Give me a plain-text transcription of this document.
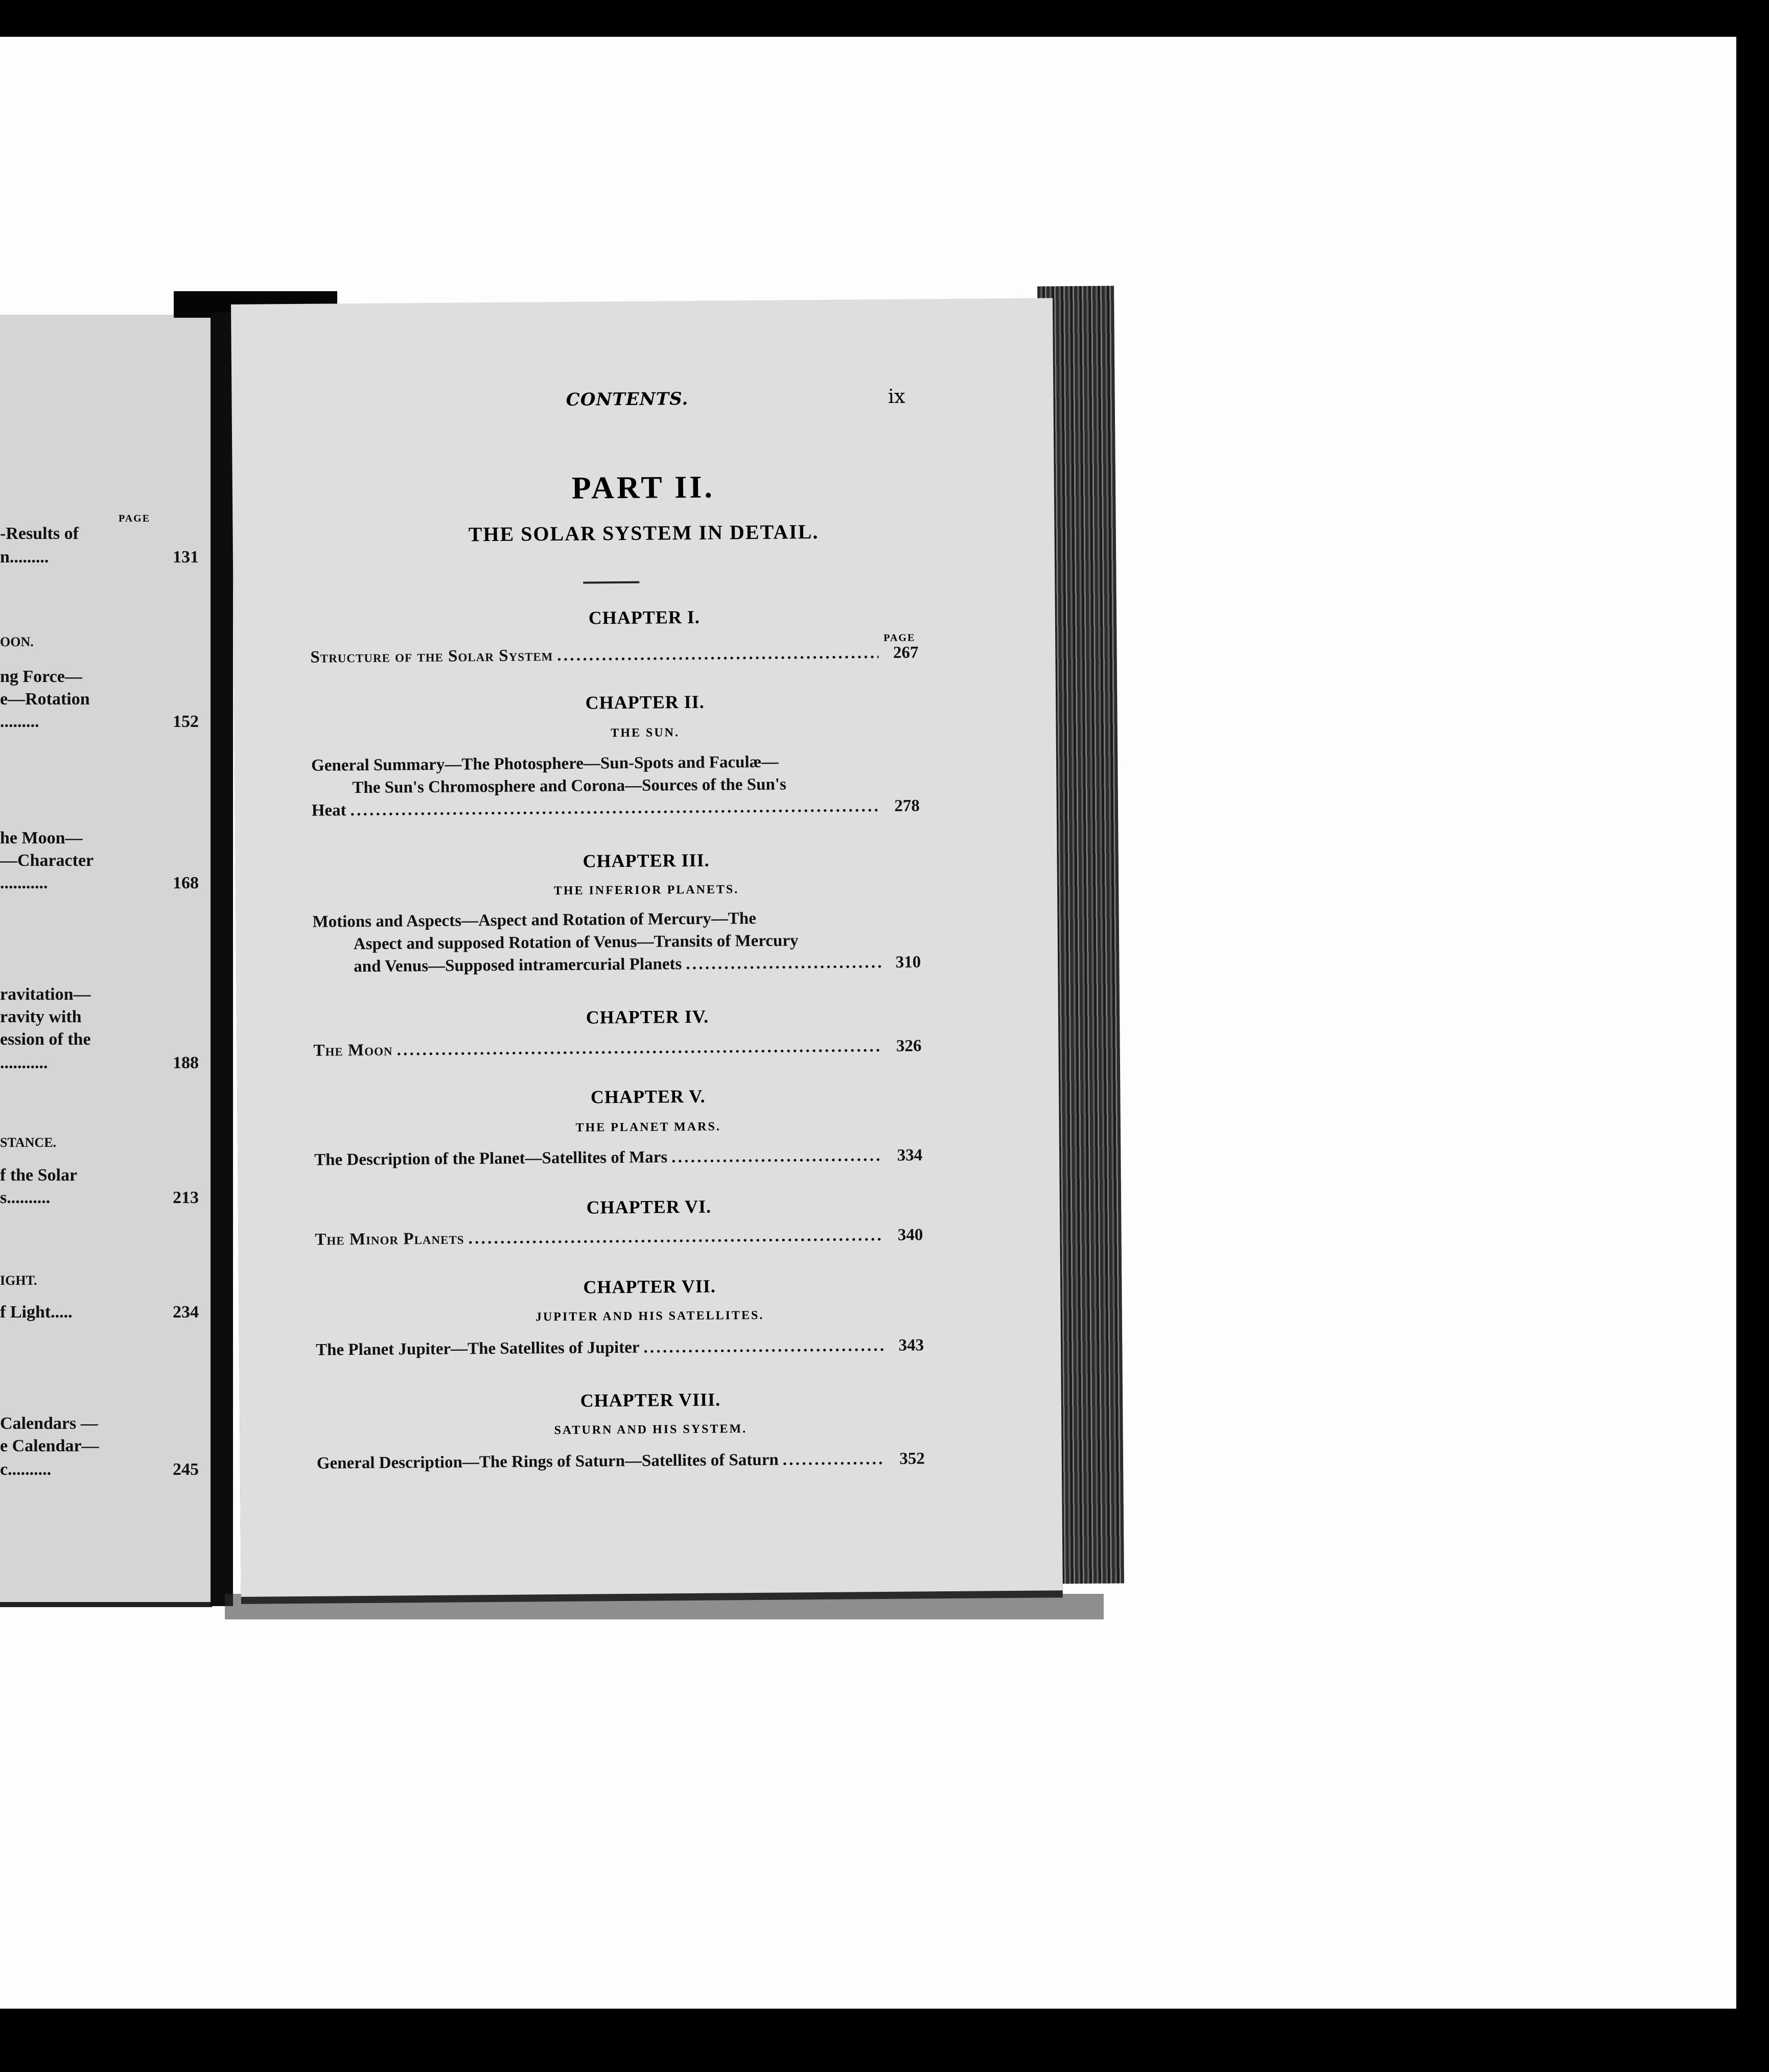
PAGE
-Results of
n.........	131
OON.
ng Force—
e—Rotation
.........	152
he Moon—
—Character
...........	168
ravitation—
ravity with
ession of the
...........	188
STANCE.
f the Solar
s..........	213
IGHT.
f Light.....	234
Calendars —
e Calendar—
c..........	245
CONTENTS.	ix
PART II.
THE SOLAR SYSTEM IN DETAIL.
CHAPTER I.
PAGE
Structure of the Solar System . . .	267
CHAPTER II.
THE SUN.
General Summary—The Photosphere—Sun-Spots and Faculæ—
The Sun's Chromosphere and Corona—Sources of the Sun's
Heat . . .	278
CHAPTER III.
THE INFERIOR PLANETS.
Motions and Aspects—Aspect and Rotation of Mercury—The
Aspect and supposed Rotation of Venus—Transits of Mercury
and Venus—Supposed intramercurial Planets . . .	310
CHAPTER IV.
The Moon . . .	326
CHAPTER V.
THE PLANET MARS.
The Description of the Planet—Satellites of Mars . . .	334
CHAPTER VI.
The Minor Planets . . .	340
CHAPTER VII.
JUPITER AND HIS SATELLITES.
The Planet Jupiter—The Satellites of Jupiter . . .	343
CHAPTER VIII.
SATURN AND HIS SYSTEM.
General Description—The Rings of Saturn—Satellites of Saturn . . .	352
